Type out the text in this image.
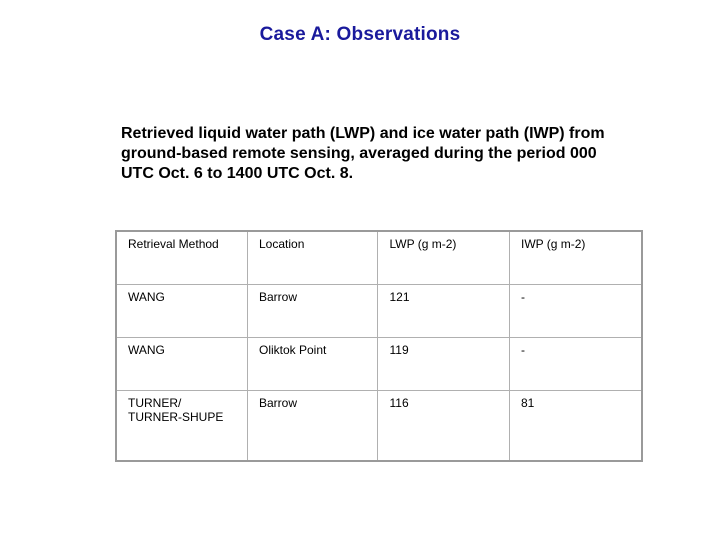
Case A: Observations
Retrieved liquid water path (LWP) and ice water path (IWP) from ground-based remote sensing, averaged during the period 000 UTC Oct. 6 to 1400 UTC Oct. 8.
Retrieval Method	Location	LWP (g m-2)	IWP (g m-2)
WANG	Barrow	121	-
WANG	Oliktok Point	119	-
TURNER/
TURNER-SHUPE	Barrow	116	81
